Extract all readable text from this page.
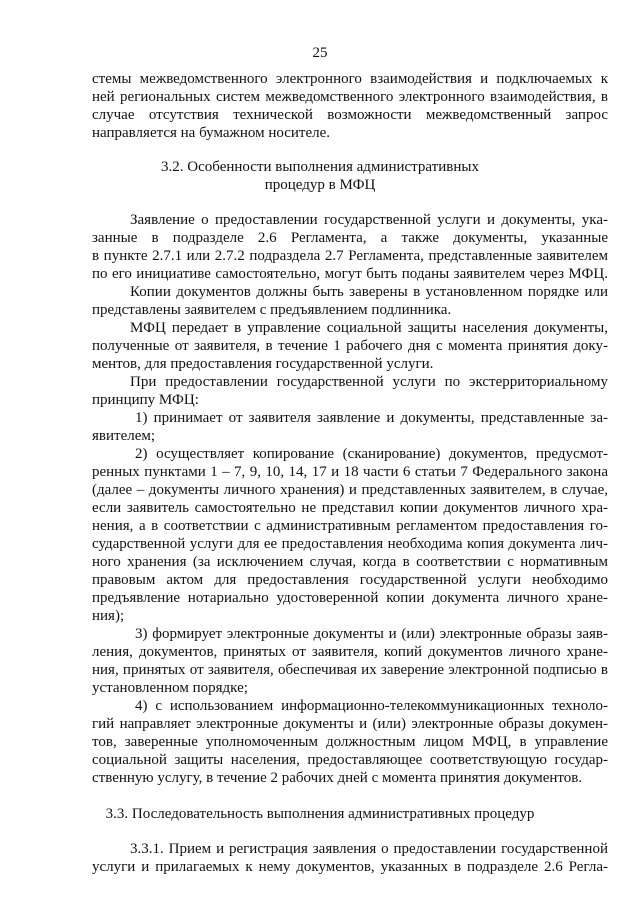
25
стемы межведомственного электронного взаимодействия и подключаемых к
ней региональных систем межведомственного электронного взаимодействия, в
случае отсутствия технической возможности межведомственный запрос
направляется на бумажном носителе.
3.2. Особенности выполнения административных
процедур в МФЦ
Заявление о предоставлении государственной услуги и документы, ука-
занные в подразделе 2.6 Регламента, а также документы, указанные
в пункте 2.7.1 или 2.7.2 подраздела 2.7 Регламента, представленные заявителем
по его инициативе самостоятельно, могут быть поданы заявителем через МФЦ.
Копии документов должны быть заверены в установленном порядке или
представлены заявителем с предъявлением подлинника.
МФЦ передает в управление социальной защиты населения документы,
полученные от заявителя, в течение 1 рабочего дня с момента принятия доку-
ментов, для предоставления государственной услуги.
При предоставлении государственной услуги по экстерриториальному
принципу МФЦ:
1) принимает от заявителя заявление и документы, представленные за-
явителем;
2) осуществляет копирование (сканирование) документов, предусмот-
ренных пунктами 1 – 7, 9, 10, 14, 17 и 18 части 6 статьи 7 Федерального закона
(далее – документы личного хранения) и представленных заявителем, в случае,
если заявитель самостоятельно не представил копии документов личного хра-
нения, а в соответствии с административным регламентом предоставления го-
сударственной услуги для ее предоставления необходима копия документа лич-
ного хранения (за исключением случая, когда в соответствии с нормативным
правовым актом для предоставления государственной услуги необходимо
предъявление нотариально удостоверенной копии документа личного хране-
ния);
3) формирует электронные документы и (или) электронные образы заяв-
ления, документов, принятых от заявителя, копий документов личного хране-
ния, принятых от заявителя, обеспечивая их заверение электронной подписью в
установленном порядке;
4) с использованием информационно-телекоммуникационных техноло-
гий направляет электронные документы и (или) электронные образы докумен-
тов, заверенные уполномоченным должностным лицом МФЦ, в управление
социальной защиты населения, предоставляющее соответствующую государ-
ственную услугу, в течение 2 рабочих дней с момента принятия документов.
3.3. Последовательность выполнения административных процедур
3.3.1. Прием и регистрация заявления о предоставлении государственной
услуги и прилагаемых к нему документов, указанных в подразделе 2.6 Регла-
